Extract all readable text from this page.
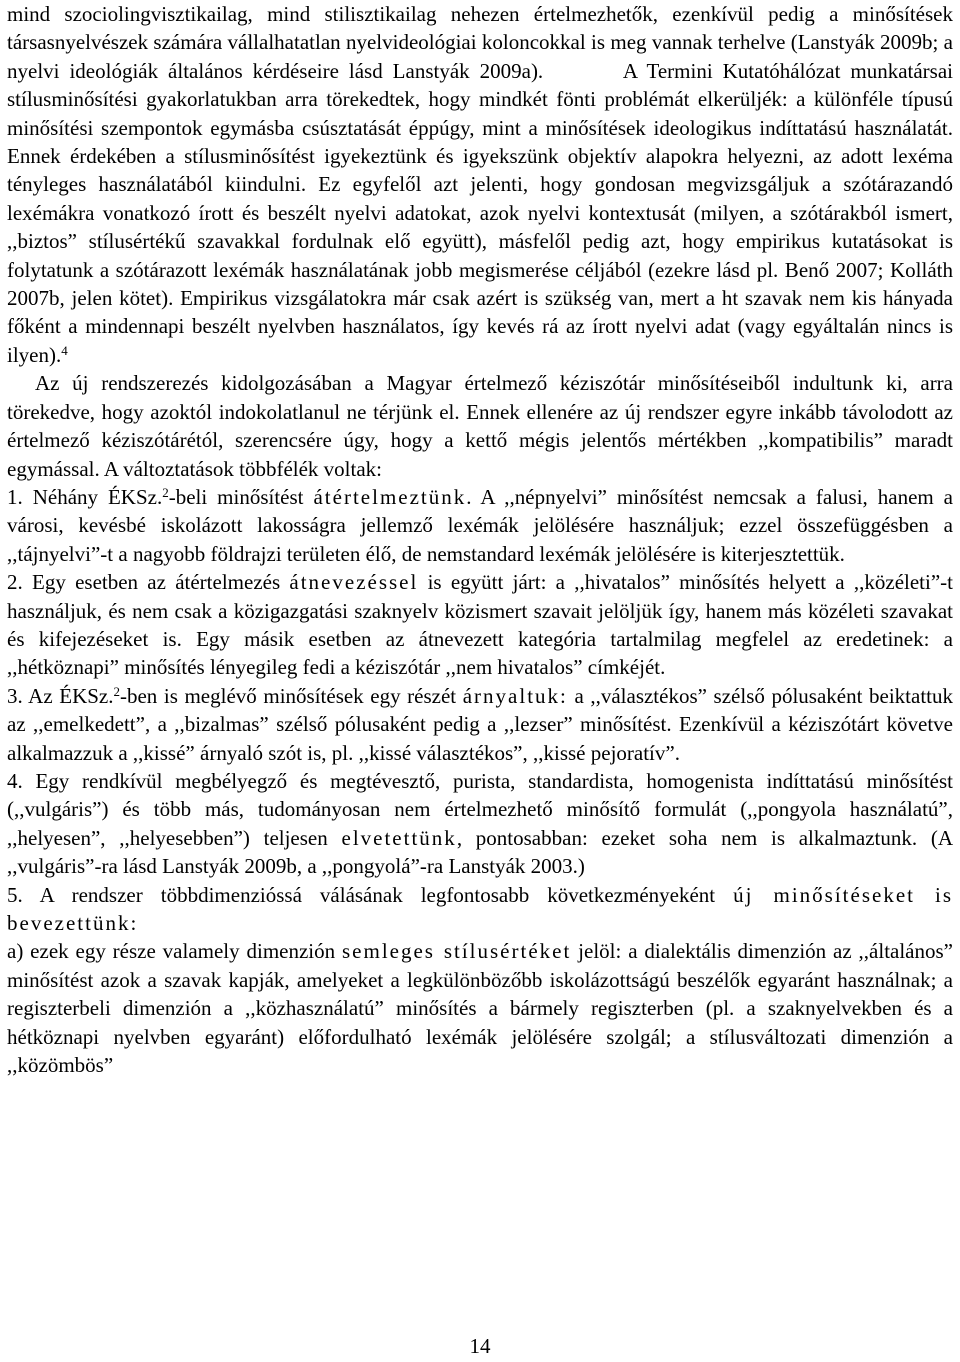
mind szociolingvisztikailag, mind stilisztikailag nehezen értelmezhetők, ezenkívül pedig a minősítések társasnyelvészek számára vállalhatatlan nyelvideológiai koloncokkal is meg vannak terhelve (Lanstyák 2009b; a nyelvi ideológiák általános kérdéseire lásd Lanstyák 2009a).	A Termini Kutatóhálózat munkatársai stílusminősítési gyakorlatukban arra törekedtek, hogy mindkét fönti problémát elkerüljék: a különféle típusú minősítési szempontok egymásba csúsztatását éppúgy, mint a minősítések ideologikus indíttatású használatát. Ennek érdekében a stílusminősítést igyekeztünk és igyekszünk objektív alapokra helyezni, az adott lexéma tényleges használatából kiindulni. Ez egyfelől azt jelenti, hogy gondosan megvizsgáljuk a szótárazandó lexémákra vonatkozó írott és beszélt nyelvi adatokat, azok nyelvi kontextusát (milyen, a szótárakból ismert, ,,biztos” stílusértékű szavakkal fordulnak elő együtt), másfelől pedig azt, hogy empirikus kutatásokat is folytatunk a szótárazott lexémák használatának jobb megismerése céljából (ezekre lásd pl. Benő 2007; Kolláth 2007b, jelen kötet). Empirikus vizsgálatokra már csak azért is szükség van, mert a ht szavak nem kis hányada főként a mindennapi beszélt nyelvben használatos, így kevés rá az írott nyelvi adat (vagy egyáltalán nincs is ilyen).$^4$

Az új rendszerezés kidolgozásában a Magyar értelmező kéziszótár minősítéseiből indultunk ki, arra törekedve, hogy azoktól indokolatlanul ne térjünk el. Ennek ellenére az új rendszer egyre inkább távolodott az értelmező kéziszótárétól, szerencsére úgy, hogy a kettő mégis jelentős mértékben ,,kompatibilis” maradt egymással. A változtatások többfélék voltak:

1. Néhány ÉKSz.$^2$-beli minősítést átértelmeztünk. A ,,népnyelvi” minősítést nemcsak a falusi, hanem a városi, kevésbé iskolázott lakosságra jellemző lexémák jelölésére használjuk; ezzel összefüggésben a ,,tájnyelvi”-t a nagyobb földrajzi területen élő, de nemstandard lexémák jelölésére is kiterjesztettük.

2. Egy esetben az átértelmezés átnevezéssel is együtt járt: a ,,hivatalos” minősítés helyett a ,,közéleti”-t használjuk, és nem csak a közigazgatási szaknyelv közismert szavait jelöljük így, hanem más közéleti szavakat és kifejezéseket is. Egy másik esetben az átnevezett kategória tartalmilag megfelel az eredetinek: a ,,hétköznapi” minősítés lényegileg fedi a kéziszótár ,,nem hivatalos” címkéjét.

3. Az ÉKSz.$^2$-ben is meglévő minősítések egy részét árnyaltuk: a ,,választékos” szélső pólusaként beiktattuk az ,,emelkedett”, a ,,bizalmas” szélső pólusaként pedig a ,,lezser” minősítést. Ezenkívül a kéziszótárt követve alkalmazzuk a ,,kissé” árnyaló szót is, pl. ,,kissé választékos”, ,,kissé pejoratív”.

4. Egy rendkívül megbélyegző és megtévesztő, purista, standardista, homogenista indíttatású minősítést (,,vulgáris”) és több más, tudományosan nem értelmezhető minősítő formulát (,,pongyola használatú”, ,,helyesen”, ,,helyesebben”) teljesen elvetettünk, pontosabban: ezeket soha nem is alkalmaztunk. (A ,,vulgáris”-ra lásd Lanstyák 2009b, a ,,pongyolá”-ra Lanstyák 2003.)

5. A rendszer többdimenzióssá válásának legfontosabb következményeként új minősítéseket is bevezettünk:

a) ezek egy része valamely dimenzión semleges stílusértéket jelöl: a dialektális dimenzión az ,,általános” minősítést azok a szavak kapják, amelyeket a legkülönbözőbb iskolázottságú beszélők egyaránt használnak; a regiszterbeli dimenzión a ,,közhasználatú” minősítés a bármely regiszterben (pl. a szaknyelvekben és a hétköznapi nyelvben egyaránt) előfordulható lexémák jelölésére szolgál; a stílusváltozati dimenzión a ,,közömbös”

14
